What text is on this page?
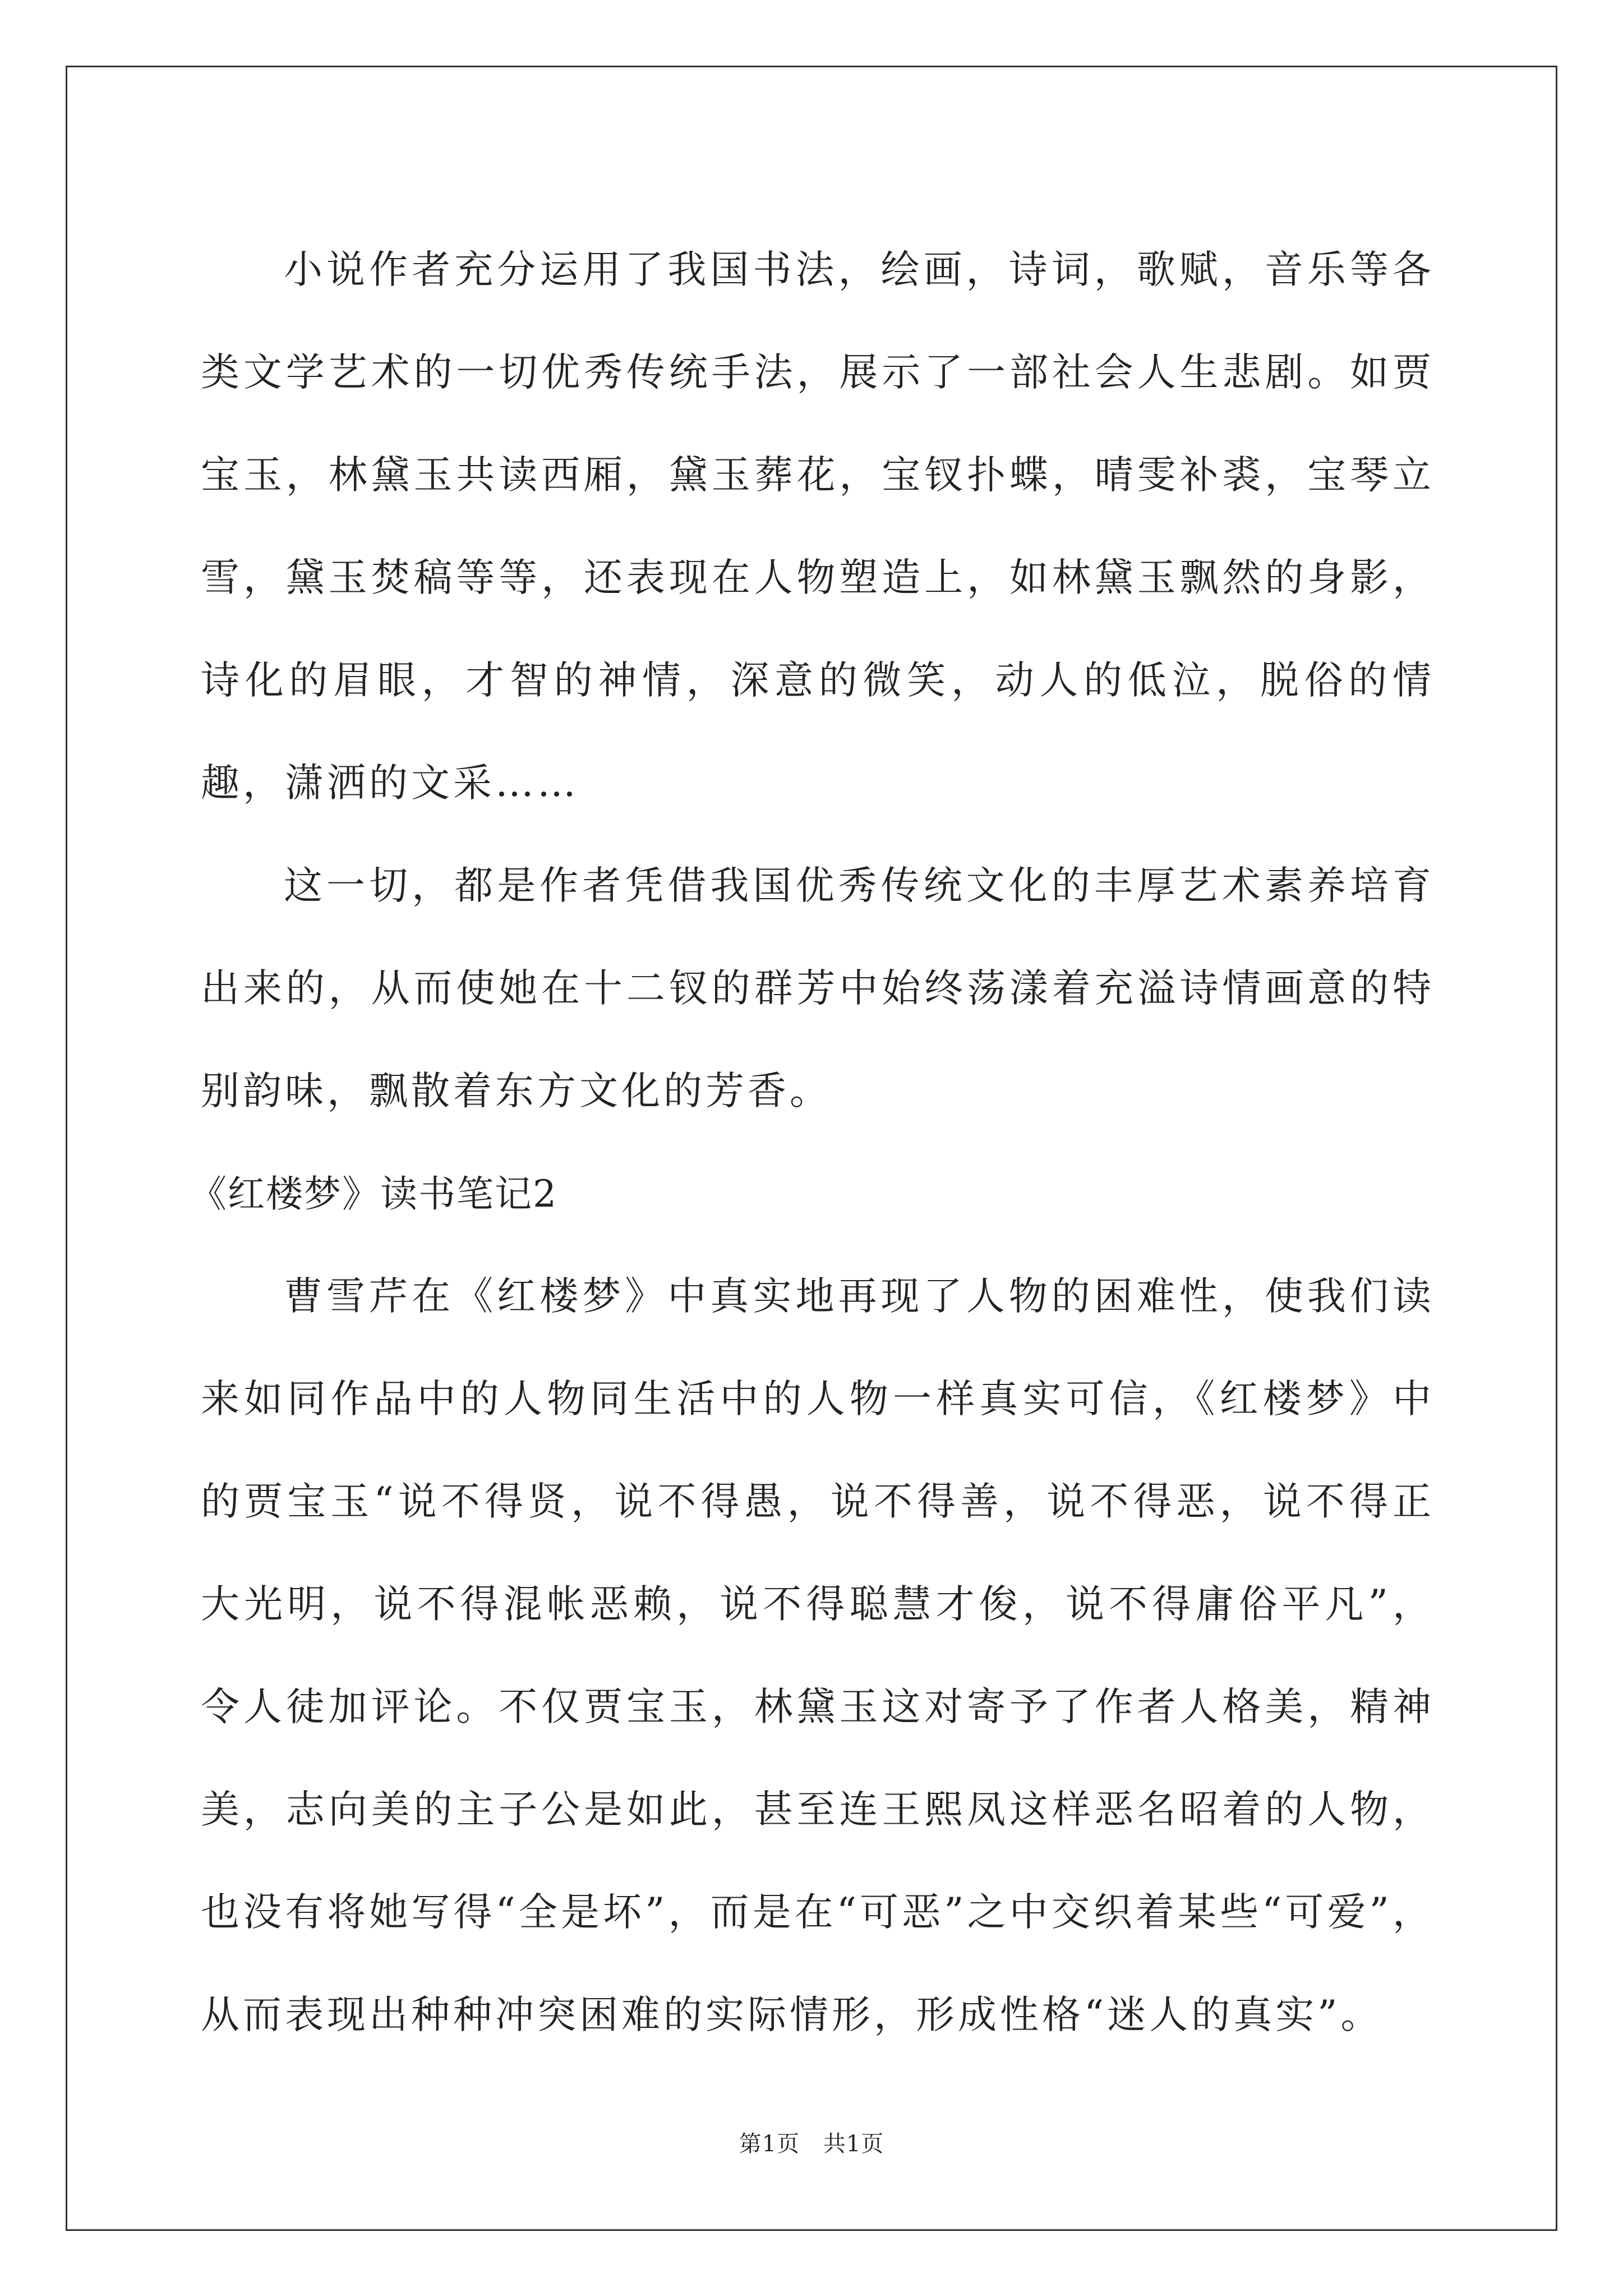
小说作者充分运用了我国书法，绘画，诗词，歌赋，音乐等各类文学艺术的一切优秀传统手法，展示了一部社会人生悲剧。如贾宝玉，林黛玉共读西厢，黛玉葬花，宝钗扑蝶，晴雯补裘，宝琴立雪，黛玉焚稿等等，还表现在人物塑造上，如林黛玉飘然的身影，诗化的眉眼，才智的神情，深意的微笑，动人的低泣，脱俗的情趣，潇洒的文采……

这一切，都是作者凭借我国优秀传统文化的丰厚艺术素养培育出来的，从而使她在十二钗的群芳中始终荡漾着充溢诗情画意的特别韵味，飘散着东方文化的芳香。

《红楼梦》读书笔记2

曹雪芹在《红楼梦》中真实地再现了人物的困难性，使我们读来如同作品中的人物同生活中的人物一样真实可信，《红楼梦》中的贾宝玉“说不得贤，说不得愚，说不得善，说不得恶，说不得正大光明，说不得混帐恶赖，说不得聪慧才俊，说不得庸俗平凡”，令人徒加评论。不仅贾宝玉，林黛玉这对寄予了作者人格美，精神美，志向美的主子公是如此，甚至连王熙凤这样恶名昭着的人物，也没有将她写得“全是坏”，而是在“可恶”之中交织着某些“可爱”，从而表现出种种冲突困难的实际情形，形成性格“迷人的真实”。

第1页 共1页
